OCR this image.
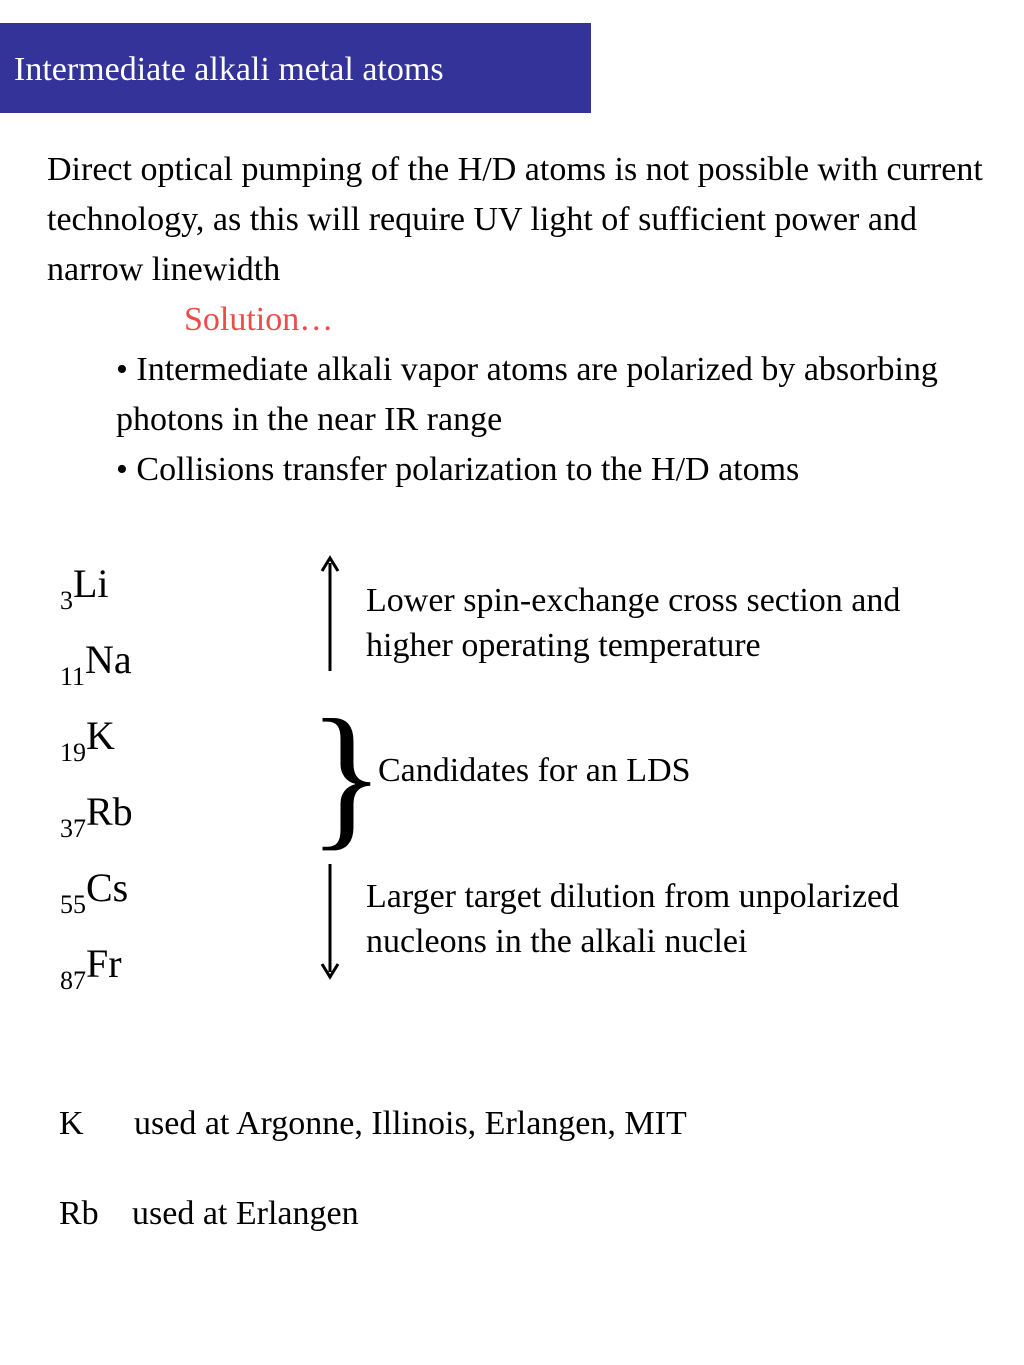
Intermediate alkali metal atoms
Direct optical pumping of the H/D atoms is not possible with current technology, as this will require UV light of sufficient power and narrow linewidth
Solution…

• Intermediate alkali vapor atoms are polarized by absorbing photons in the near IR range

• Collisions transfer polarization to the H/D atoms

$_3$Li
$_{11}$Na
$_{19}$K
$_{37}$Rb
$_{55}$Cs
$_{87}$Fr
Lower spin-exchange cross section and higher operating temperature
}
Candidates for an LDS
Larger target dilution from unpolarized nucleons in the alkali nuclei
K used at Argonne, Illinois, Erlangen, MIT
Rb used at Erlangen
